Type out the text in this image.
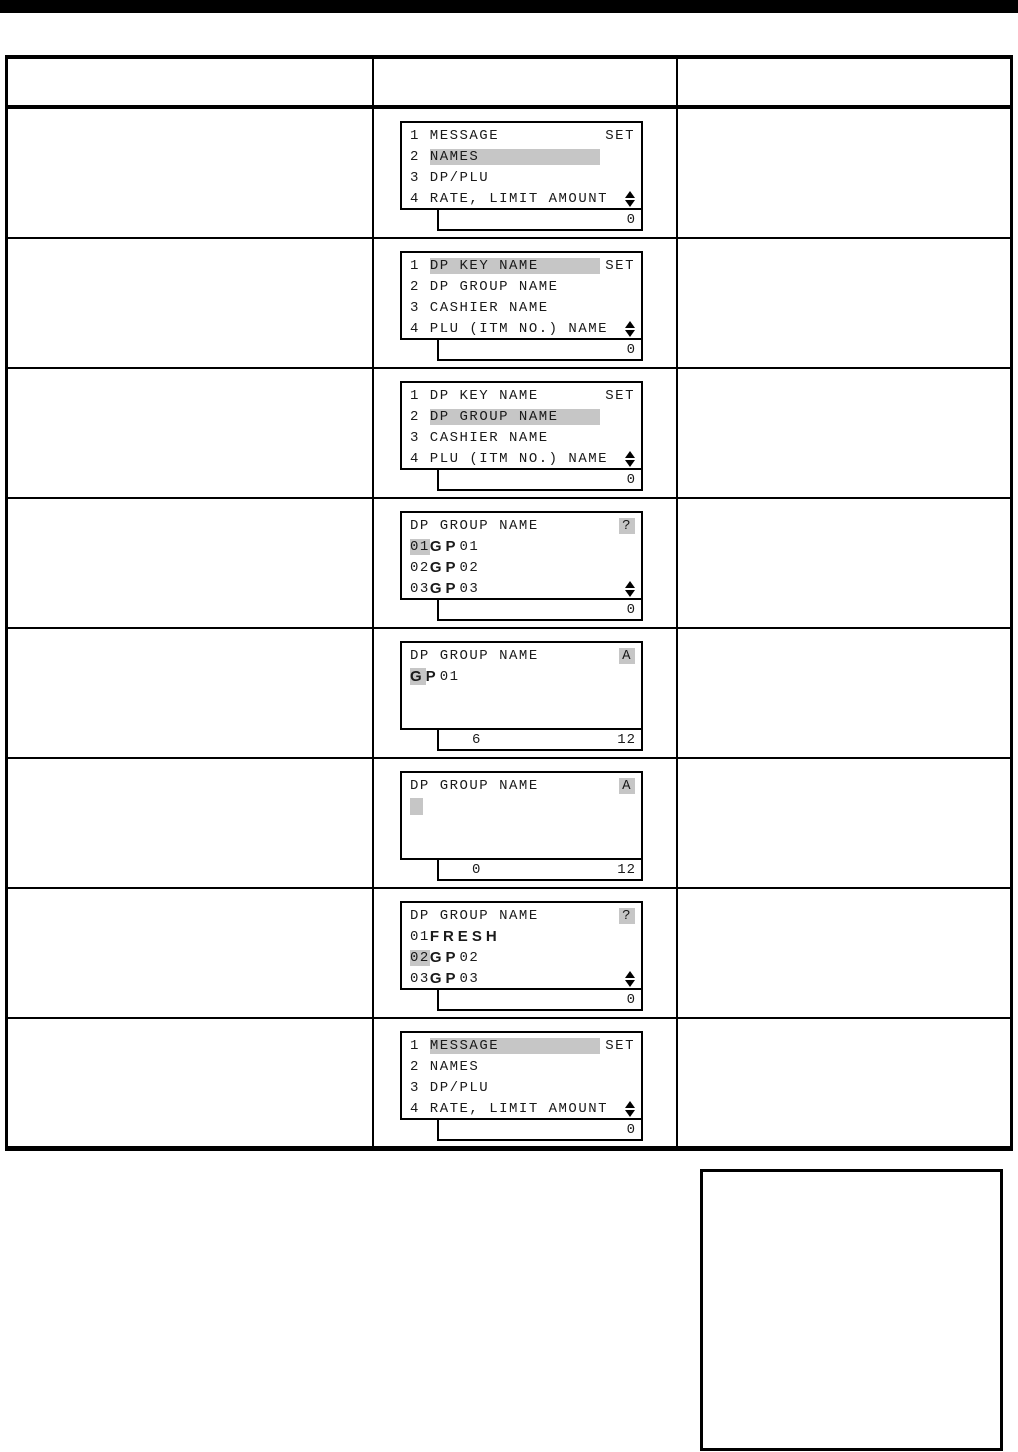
1 MESSAGE	SET
2 NAMES
3 DP/PLU
4 RATE, LIMIT AMOUNT
0
1 DP KEY NAME	SET
2 DP GROUP NAME
3 CASHIER NAME
4 PLU (ITM NO.) NAME
0
1 DP KEY NAME	SET
2 DP GROUP NAME
3 CASHIER NAME
4 PLU (ITM NO.) NAME
0
DP GROUP NAME	?
01 GP 01
02 GP 02
03 GP 03
0
DP GROUP NAME	A
G P 01
6	12
DP GROUP NAME	A
0	12
DP GROUP NAME	?
01 FRESH
02 GP 02
03 GP 03
0
1 MESSAGE	SET
2 NAMES
3 DP/PLU
4 RATE, LIMIT AMOUNT
0
